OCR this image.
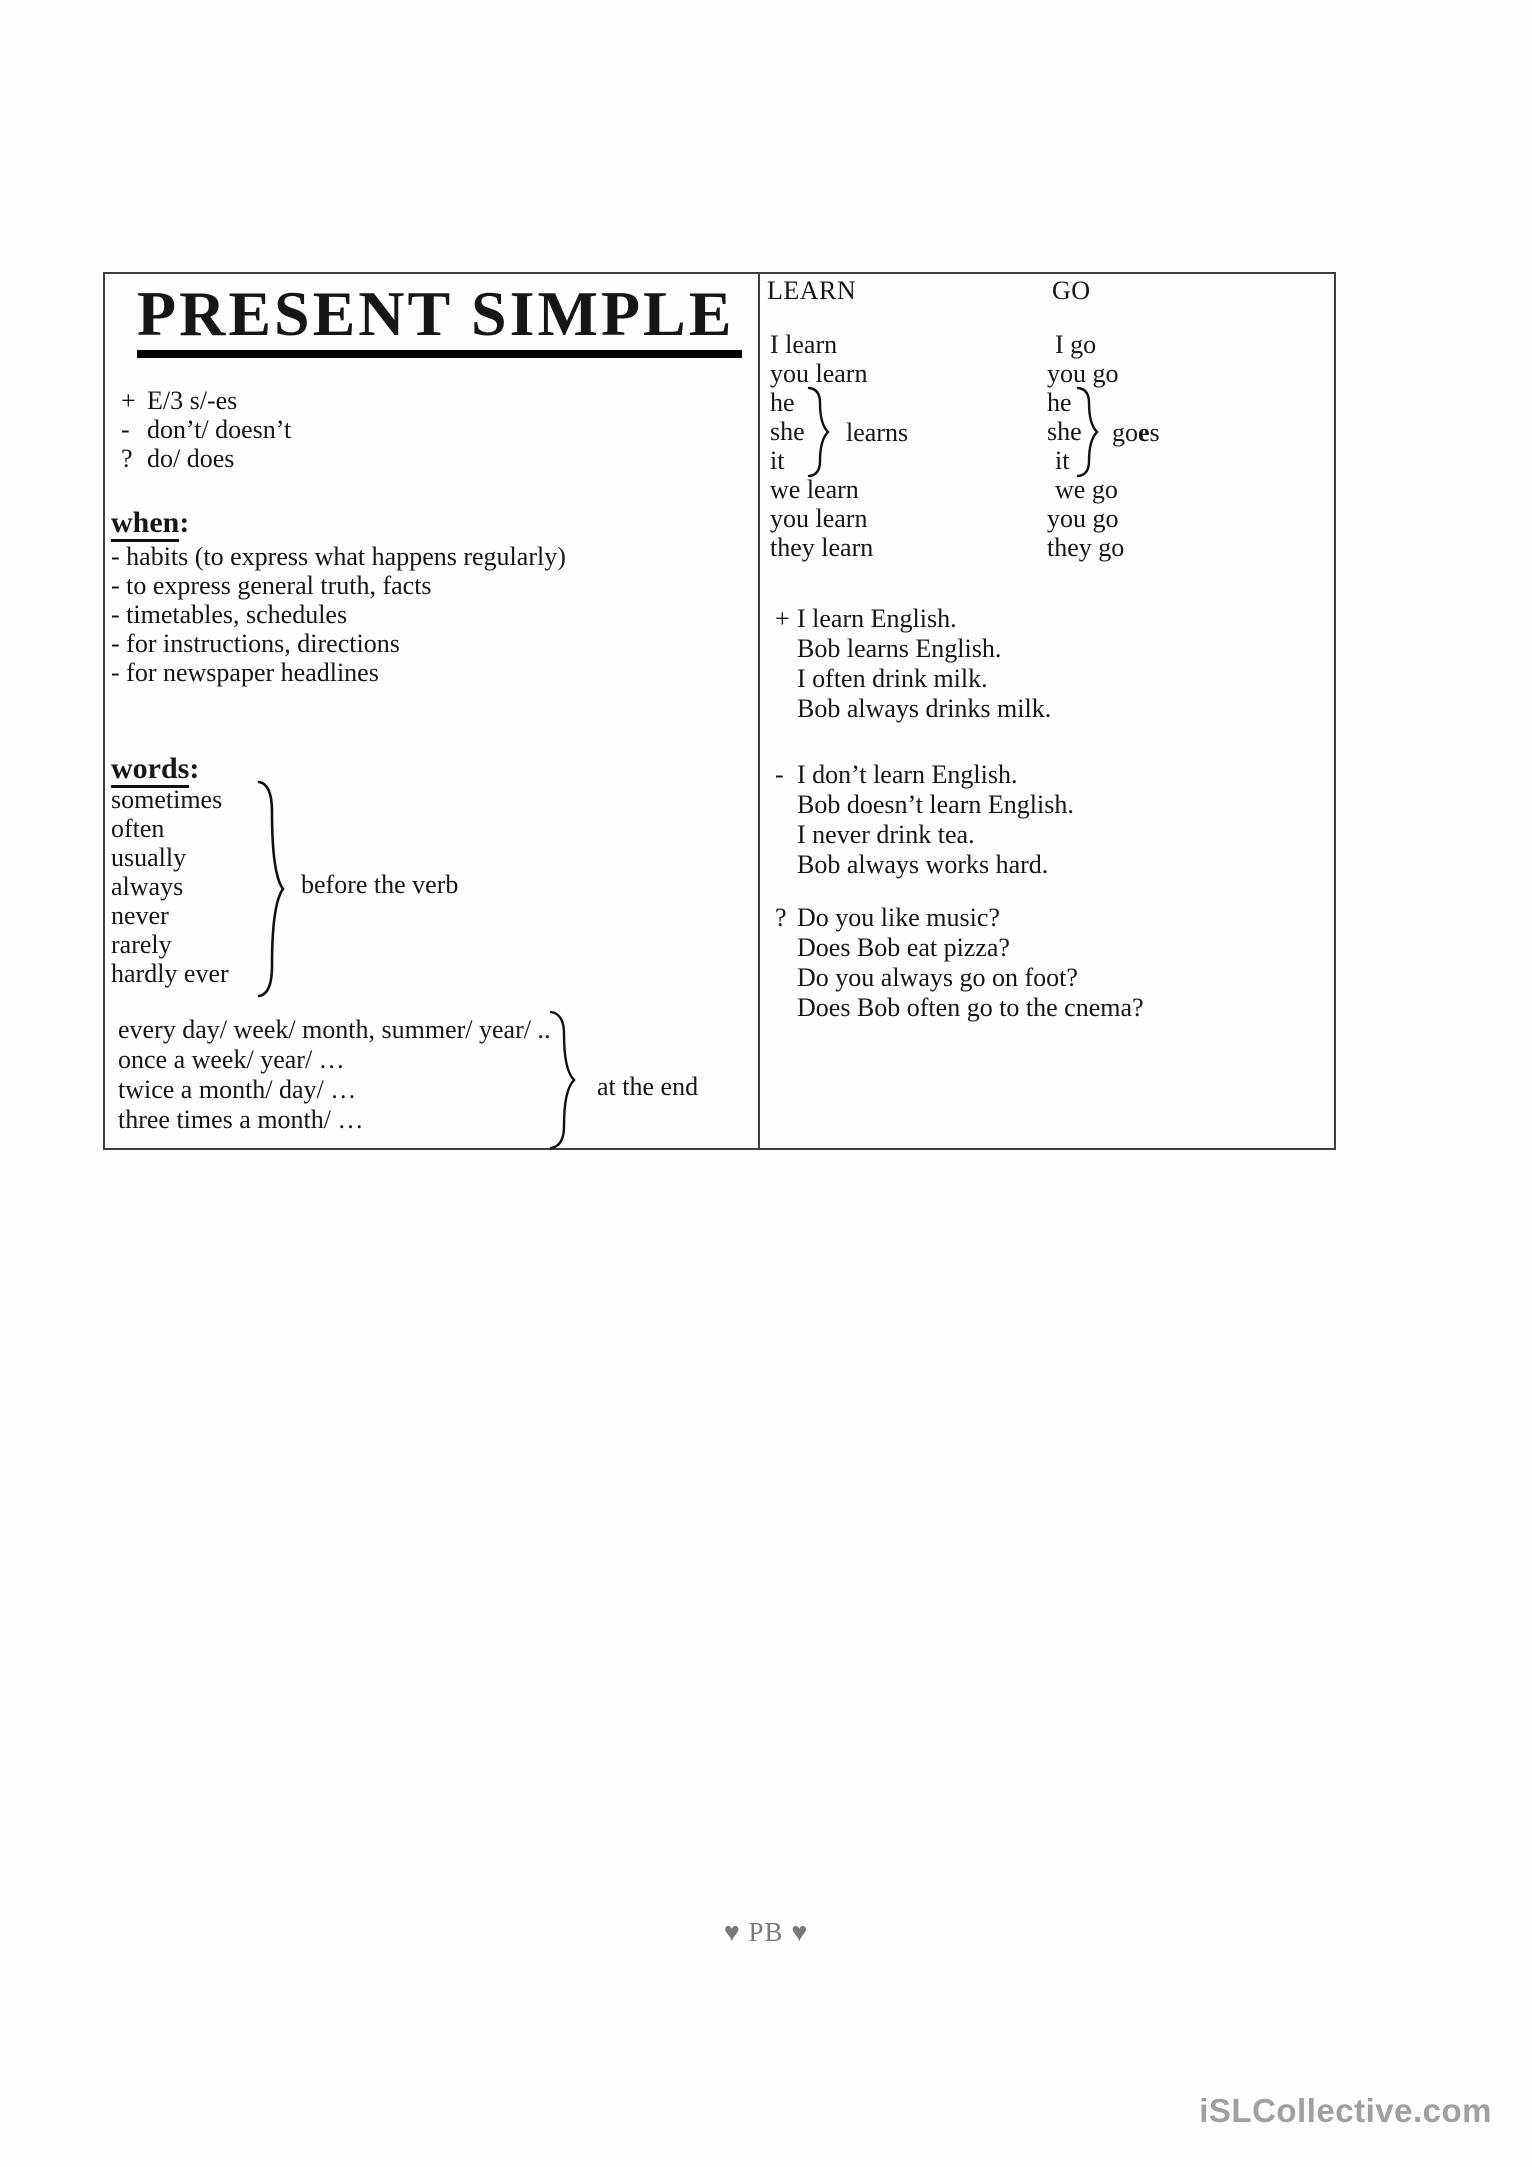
PRESENT SIMPLE
+ E/3 s/-es
- don’t/ doesn’t
? do/ does
when:
- habits (to express what happens regularly)
- to express general truth, facts
- timetables, schedules
- for instructions, directions
- for newspaper headlines
words:
sometimes
often
usually
always
never
rarely
hardly ever
before the verb
every day/ week/ month, summer/ year/ ..
once a week/ year/ …
twice a month/ day/ …
three times a month/ …
at the end
LEARN	GO
I learn
you learn
he
she
it
learns
we learn
you learn
they learn
I go
you go
he
she
it
goes
we go
you go
they go
+ I learn English.
Bob learns English.
I often drink milk.
Bob always drinks milk.
- I don’t learn English.
Bob doesn’t learn English.
I never drink tea.
Bob always works hard.
? Do you like music?
Does Bob eat pizza?
Do you always go on foot?
Does Bob often go to the cnema?
♥ PB ♥
iSLCollective.com
